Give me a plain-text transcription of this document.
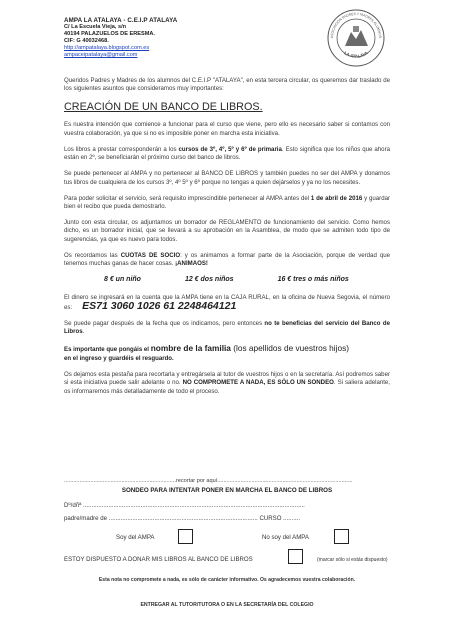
AMPA LA ATALAYA - C.E.I.P ATALAYA
C/ La Escuela Vieja, s/n
40194 PALAZUELOS DE ERESMA.
CIF: G 40032468.
http://ampatalaya.blogspot.com.es
ampaceipatalaya@gmail.com
ASOCIACION PADRES Y MADRES ALUMNOS
LA ATALAYA
Queridos Padres y Madres de los alumnos del C.E.I.P "ATALAYA", en esta tercera circular, os queremos dar traslado de los siguientes asuntos que consideramos muy importantes:
CREACIÓN DE UN BANCO DE LIBROS.
Es nuestra intención que comience a funcionar para el curso que viene, pero ello es necesario saber si contamos con vuestra colaboración, ya que si no es imposible poner en marcha esta iniciativa.
Los libros a prestar corresponderán a los cursos de 3º, 4º, 5º y 6º de primaria. Esto significa que los niños que ahora están en 2º, se beneficiarán el próximo curso del banco de libros.
Se puede pertenecer al AMPA y no pertenecer al BANCO DE LIBROS y también puedes no ser del AMPA y donarnos tus libros de cualquiera de los cursos 3º, 4º 5º y 6º porque no tengas a quien dejárselos y ya no los necesites.
Para poder solicitar el servicio, será requisito imprescindible pertenecer al AMPA antes del 1 de abril de 2016 y guardar bien el recibo que pueda demostrarlo.
Junto con esta circular, os adjuntamos un borrador de REGLAMENTO de funcionamiento del servicio. Como hemos dicho, es un borrador inicial, que se llevará a su aprobación en la Asamblea, de modo que se admiten todo tipo de sugerencias, ya que es nuevo para todos.
Os recordamos las CUOTAS DE SOCIO: y os animamos a formar parte de la Asociación, porque de verdad que tenemos muchas ganas de hacer cosas. ¡ANIMAOS!
8 € un niño	12 € dos niños	16 € tres o más niños
El dinero se ingresará en la cuenta que la AMPA tiene en la CAJA RURAL, en la oficina de Nueva Segovia, el número es: ES71 3060 1026 61 2248464121
Se puede pagar después de la fecha que os indicamos, pero entonces no te beneficias del servicio del Banco de Libros.
Es importante que pongáis el nombre de la familia (los apellidos de vuestros hijos)
en el ingreso y guardéis el resguardo.
Os dejamos esta pestaña para recortarla y entregársela al tutor de vuestros hijos o en la secretaría. Así podremos saber si esta iniciativa puede salir adelante o no. NO COMPROMETE A NADA, ES SÓLO UN SONDEO. Si saliera adelante, os informaremos más detalladamente de todo el proceso.
........................................................................recortar por aquí.......................................................................................
SONDEO PARA INTENTAR PONER EN MARCHA EL BANCO DE LIBROS
Dº/dñª ...................................................................................................................................
padre/madre de ........................................................................................ CURSO ..........
Soy del AMPA	No soy del AMPA
ESTOY DISPUESTO A DONAR MIS LIBROS AL BANCO DE LIBROS	(marcar sólo si estás dispuesto)
Esta nota no compromete a nada, es sólo de carácter informativo. Os agradecemos vuestra colaboración.
ENTREGAR AL TUTOR/TUTORA O EN LA SECRETARÍA DEL COLEGIO
